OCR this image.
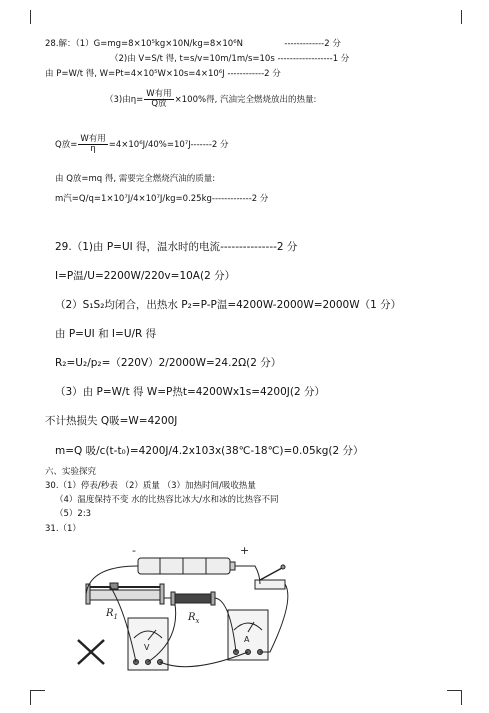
28.解：（1）G=mg=8×10⁵kg×10N/kg=8×10⁶N	-------------2 分
（2)由 V=S/t 得, t=s/v=10m/1m/s=10s ------------------1 分
由 P=W/t 得, W=Pt=4×10⁵W×10s=4×10⁶J ------------2 分
（3)由$\eta= \frac{\text{W有用}}{\text{Q放}} \times 100\%$得, 汽油完全燃烧放出的热量:
Q放= $\frac{\text{W有用}}{\eta} =4\times 10^6J/40\%=10^7J-------2$ 分
由 Q放=mq 得, 需要完全燃烧汽油的质量:
m汽=Q/q=1×10⁷J/4×10⁷J/kg=0.25kg-------------2 分
29.（1)由 P=UI 得，温水时的电流---------------2 分
I=P温/U=2200W/220v=10A(2 分）
（2）S₁S₂均闭合，出热水 P₂=P-P温=4200W-2000W=2000W（1 分）
由 P=UI 和 I=U/R 得
R₂=U₂/p₂=（220V）2/2000W=24.2Ω(2 分）
（3）由 P=W/t 得 W=P热t=4200Wx1s=4200J(2 分）
不计热损失 Q吸=W=4200J
m=Q 吸/c(t-t₀)=4200J/4.2x103x(38℃-18℃)=0.05kg(2 分）
六、实验探究
30.（1）停表/秒表 （2）质量 （3）加热时间/吸收热量
（4）温度保持不变 水的比热容比冰大/水和冰的比热容不同
（5）2:3
31.（1）
$R_1$	$R_x$
+
-
V
A
